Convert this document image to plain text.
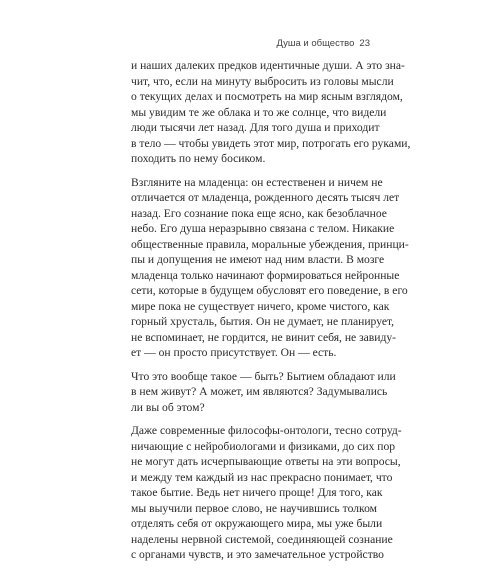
Душа и общество 23
и наших далеких предков идентичные души. А это зна-
чит, что, если на минуту выбросить из головы мысли
о текущих делах и посмотреть на мир ясным взглядом,
мы увидим те же облака и то же солнце, что видели
люди тысячи лет назад. Для того душа и приходит
в тело — чтобы увидеть этот мир, потрогать его руками,
походить по нему босиком.
Взгляните на младенца: он естественен и ничем не
отличается от младенца, рожденного десять тысяч лет
назад. Его сознание пока еще ясно, как безоблачное
небо. Его душа неразрывно связана с телом. Никакие
общественные правила, моральные убеждения, принци-
пы и допущения не имеют над ним власти. В мозге
младенца только начинают формироваться нейронные
сети, которые в будущем обусловят его поведение, в его
мире пока не существует ничего, кроме чистого, как
горный хрусталь, бытия. Он не думает, не планирует,
не вспоминает, не гордится, не винит себя, не завиду-
ет — он просто присутствует. Он — есть.
Что это вообще такое — быть? Бытием обладают или
в нем живут? А может, им являются? Задумывались
ли вы об этом?
Даже современные философы-онтологи, тесно сотруд-
ничающие с нейробиологами и физиками, до сих пор
не могут дать исчерпывающие ответы на эти вопросы,
и между тем каждый из нас прекрасно понимает, что
такое бытие. Ведь нет ничего проще! Для того, как
мы выучили первое слово, не научившись толком
отделять себя от окружающего мира, мы уже были
наделены нервной системой, соединяющей сознание
с органами чувств, и это замечательное устройство
